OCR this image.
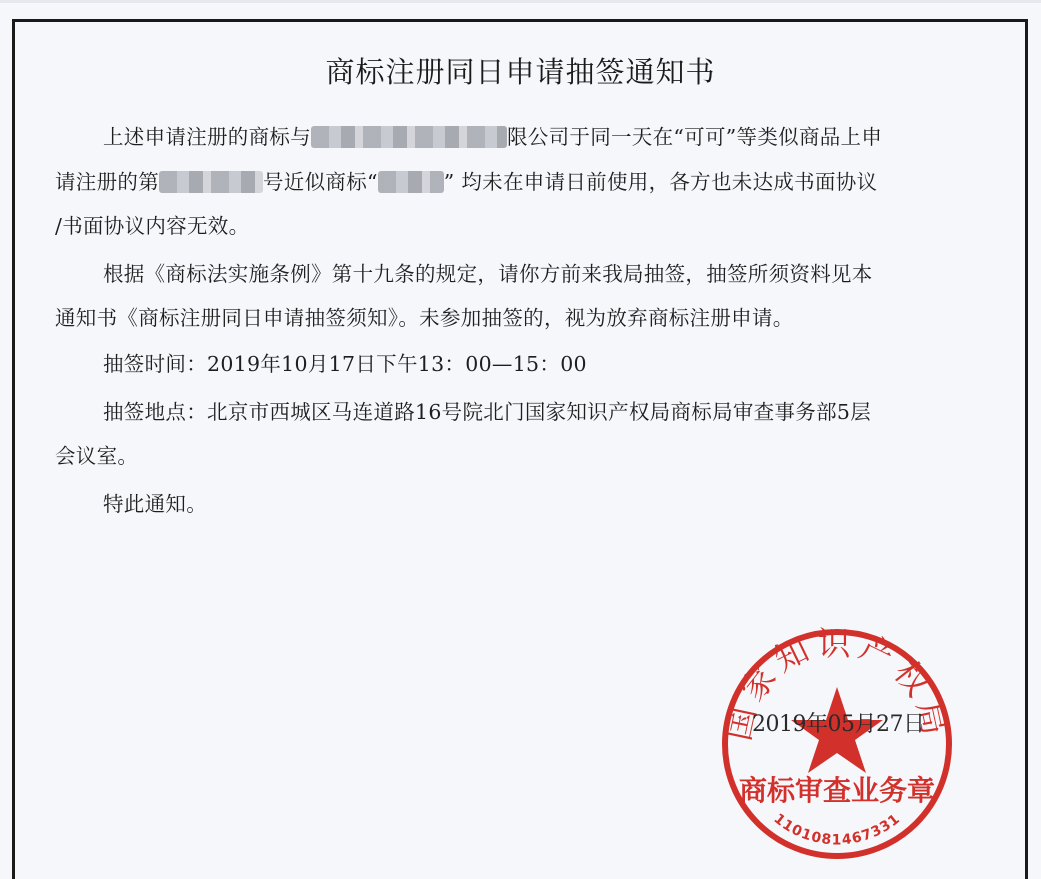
商标注册同日申请抽签通知书
上述申请注册的商标与	限公司于同一天在“可可”等类似商品上申
请注册的第	号近似商标“	” 均未在申请日前使用，各方也未达成书面协议
/书面协议内容无效。
根据《商标法实施条例》第十九条的规定，请你方前来我局抽签，抽签所须资料见本
通知书《商标注册同日申请抽签须知》。未参加抽签的，视为放弃商标注册申请。
抽签时间：2019年10月17日下午13：00—15：00
抽签地点：北京市西城区马连道路16号院北门国家知识产权局商标局审查事务部5层
会议室。
特此通知。
国家知识产权局
商标审查业务章
1101081467331
2019年05月27日
